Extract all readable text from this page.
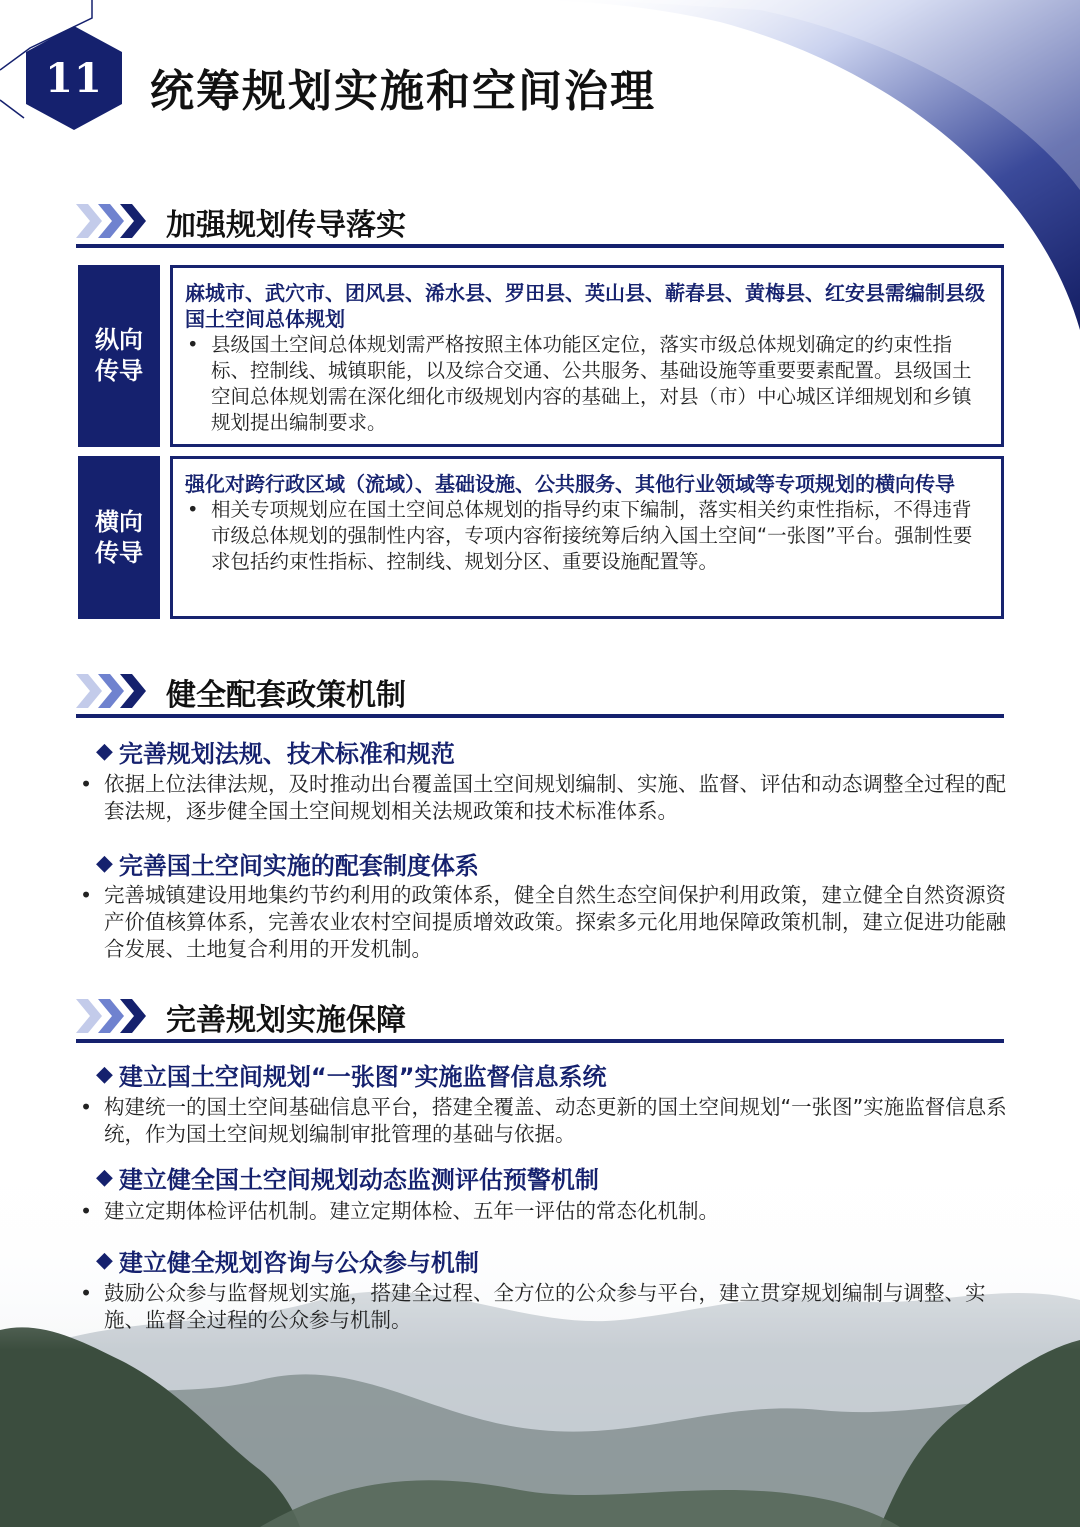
11	统筹规划实施和空间治理
加强规划传导落实
纵向传导
麻城市、武穴市、团风县、浠水县、罗田县、英山县、蕲春县、黄梅县、红安县需编制县级国土空间总体规划
• 县级国土空间总体规划需严格按照主体功能区定位，落实市级总体规划确定的约束性指标、控制线、城镇职能，以及综合交通、公共服务、基础设施等重要要素配置。县级国土空间总体规划需在深化细化市级规划内容的基础上，对县（市）中心城区详细规划和乡镇规划提出编制要求。
横向传导
强化对跨行政区域（流域）、基础设施、公共服务、其他行业领域等专项规划的横向传导
• 相关专项规划应在国土空间总体规划的指导约束下编制，落实相关约束性指标，不得违背市级总体规划的强制性内容，专项内容衔接统筹后纳入国土空间“一张图”平台。强制性要求包括约束性指标、控制线、规划分区、重要设施配置等。
健全配套政策机制
◆ 完善规划法规、技术标准和规范
• 依据上位法律法规，及时推动出台覆盖国土空间规划编制、实施、监督、评估和动态调整全过程的配套法规，逐步健全国土空间规划相关法规政策和技术标准体系。
◆ 完善国土空间实施的配套制度体系
• 完善城镇建设用地集约节约利用的政策体系，健全自然生态空间保护利用政策，建立健全自然资源资产价值核算体系，完善农业农村空间提质增效政策。探索多元化用地保障政策机制，建立促进功能融合发展、土地复合利用的开发机制。
完善规划实施保障
◆ 建立国土空间规划“一张图”实施监督信息系统
• 构建统一的国土空间基础信息平台，搭建全覆盖、动态更新的国土空间规划“一张图”实施监督信息系统，作为国土空间规划编制审批管理的基础与依据。
◆ 建立健全国土空间规划动态监测评估预警机制
• 建立定期体检评估机制。建立定期体检、五年一评估的常态化机制。
◆ 建立健全规划咨询与公众参与机制
• 鼓励公众参与监督规划实施，搭建全过程、全方位的公众参与平台，建立贯穿规划编制与调整、实施、监督全过程的公众参与机制。
